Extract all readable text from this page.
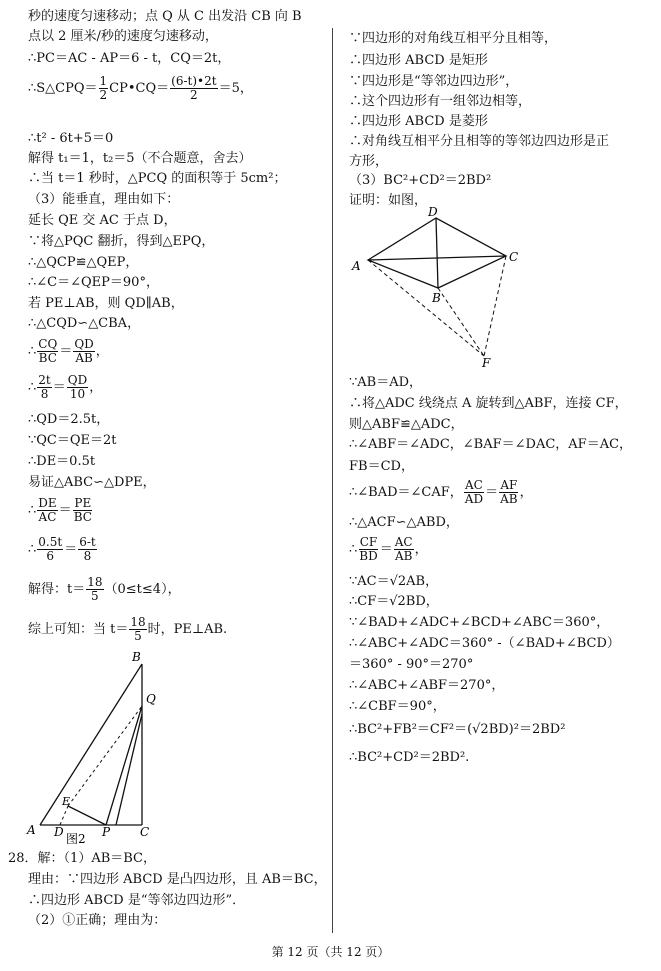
秒的速度匀速移动；点 Q 从 C 出发沿 CB 向 B
点以 2 厘米/秒的速度匀速移动，
∴PC＝AC - AP＝6 - t，CQ＝2t，
∴S△CPQ＝ $\frac{1}{2}$ CP•CQ＝ $\frac{(6-t)•2t}{2} =5$，
∴t² - 6t+5＝0
解得 t₁＝1，t₂＝5（不合题意，舍去）
∴当 t＝1 秒时，△PCQ 的面积等于 5cm²；
（3）能垂直，理由如下：
延长 QE 交 AC 于点 D，
∵将△PQC 翻折，得到△EPQ，
∴△QCP≌△QEP，
∴∠C＝∠QEP＝90°，
若 PE⊥AB，则 QD∥AB，
∴△CQD∽△CBA，
∴ $\frac{CQ}{BC} = \frac{QD}{AB}$ ，
∴ $\frac{2t}{8} = \frac{QD}{10}$ ，
∴QD＝2.5t，
∵QC＝QE＝2t
∴DE＝0.5t
易证△ABC∽△DPE，
∴ $\frac{DE}{AC} = \frac{PE}{BC}$
∴ $\frac{0.5t}{6} = \frac{6-t}{8}$
解得：$t= \frac{18}{5} (0\le t\le 4)$，
综上可知：当 $t= \frac{18}{5}$ 时，PE⊥AB.
B
Q
E
A D	P C
图2
28．解：（1）AB＝BC，
理由：∵四边形 ABCD 是凸四边形，且 AB＝BC，
∴四边形 ABCD 是“等邻边四边形”．
（2）①正确；理由为：
∵四边形的对角线互相平分且相等，
∴四边形 ABCD 是矩形
∵四边形是“等邻边四边形”，
∴这个四边形有一组邻边相等，
∴四边形 ABCD 是菱形
∴对角线互相平分且相等的等邻边四边形是正
方形，
（3）BC²+CD²＝2BD²
证明：如图，
D
A
C
B
F
∵AB＝AD，
∴将△ADC 线绕点 A 旋转到△ABF，连接 CF，
则△ABF≌△ADC，
∴∠ABF＝∠ADC，∠BAF＝∠DAC，AF＝AC，
FB＝CD，
∴∠BAD＝∠CAF， $\frac{AC}{AD} = \frac{AF}{AB}$ ，
∴△ACF∽△ABD，
∴ $\frac{CF}{BD} = \frac{AC}{AB}$ ，
∵AC＝√2AB，
∴CF＝√2BD，
∵∠BAD+∠ADC+∠BCD+∠ABC＝360°，
∴∠ABC+∠ADC＝360° -（∠BAD+∠BCD）
＝360° - 90°＝270°
∴∠ABC+∠ABF＝270°，
∴∠CBF＝90°，
∴BC²+FB²＝CF²＝(√2BD)²＝2BD²
∴BC²+CD²＝2BD².
第 12 页（共 12 页）
